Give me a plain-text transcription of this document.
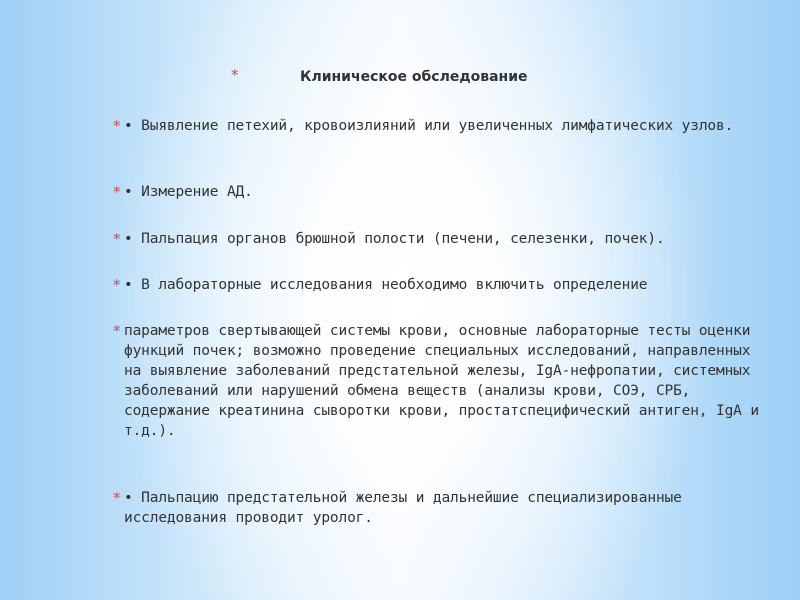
*	Клиническое обследование
* • Выявление петехий, кровоизлияний или увеличенных лимфатических узлов.
* • Измерение АД.
* • Пальпация органов брюшной полости (печени, селезенки, почек).
* • В лабораторные исследования необходимо включить определение
* параметров свертывающей системы крови, основные лабораторные тесты оценки функций почек; возможно проведение специальных исследований, направленных на выявление заболеваний предстательной железы, IgA-нефропатии, системных заболеваний или нарушений обмена веществ (анализы крови, СОЭ, СРБ, содержание креатинина сыворотки крови, простатспецифический антиген, IgA и т.д.).
* • Пальпацию предстательной железы и дальнейшие специализированные исследования проводит уролог.
